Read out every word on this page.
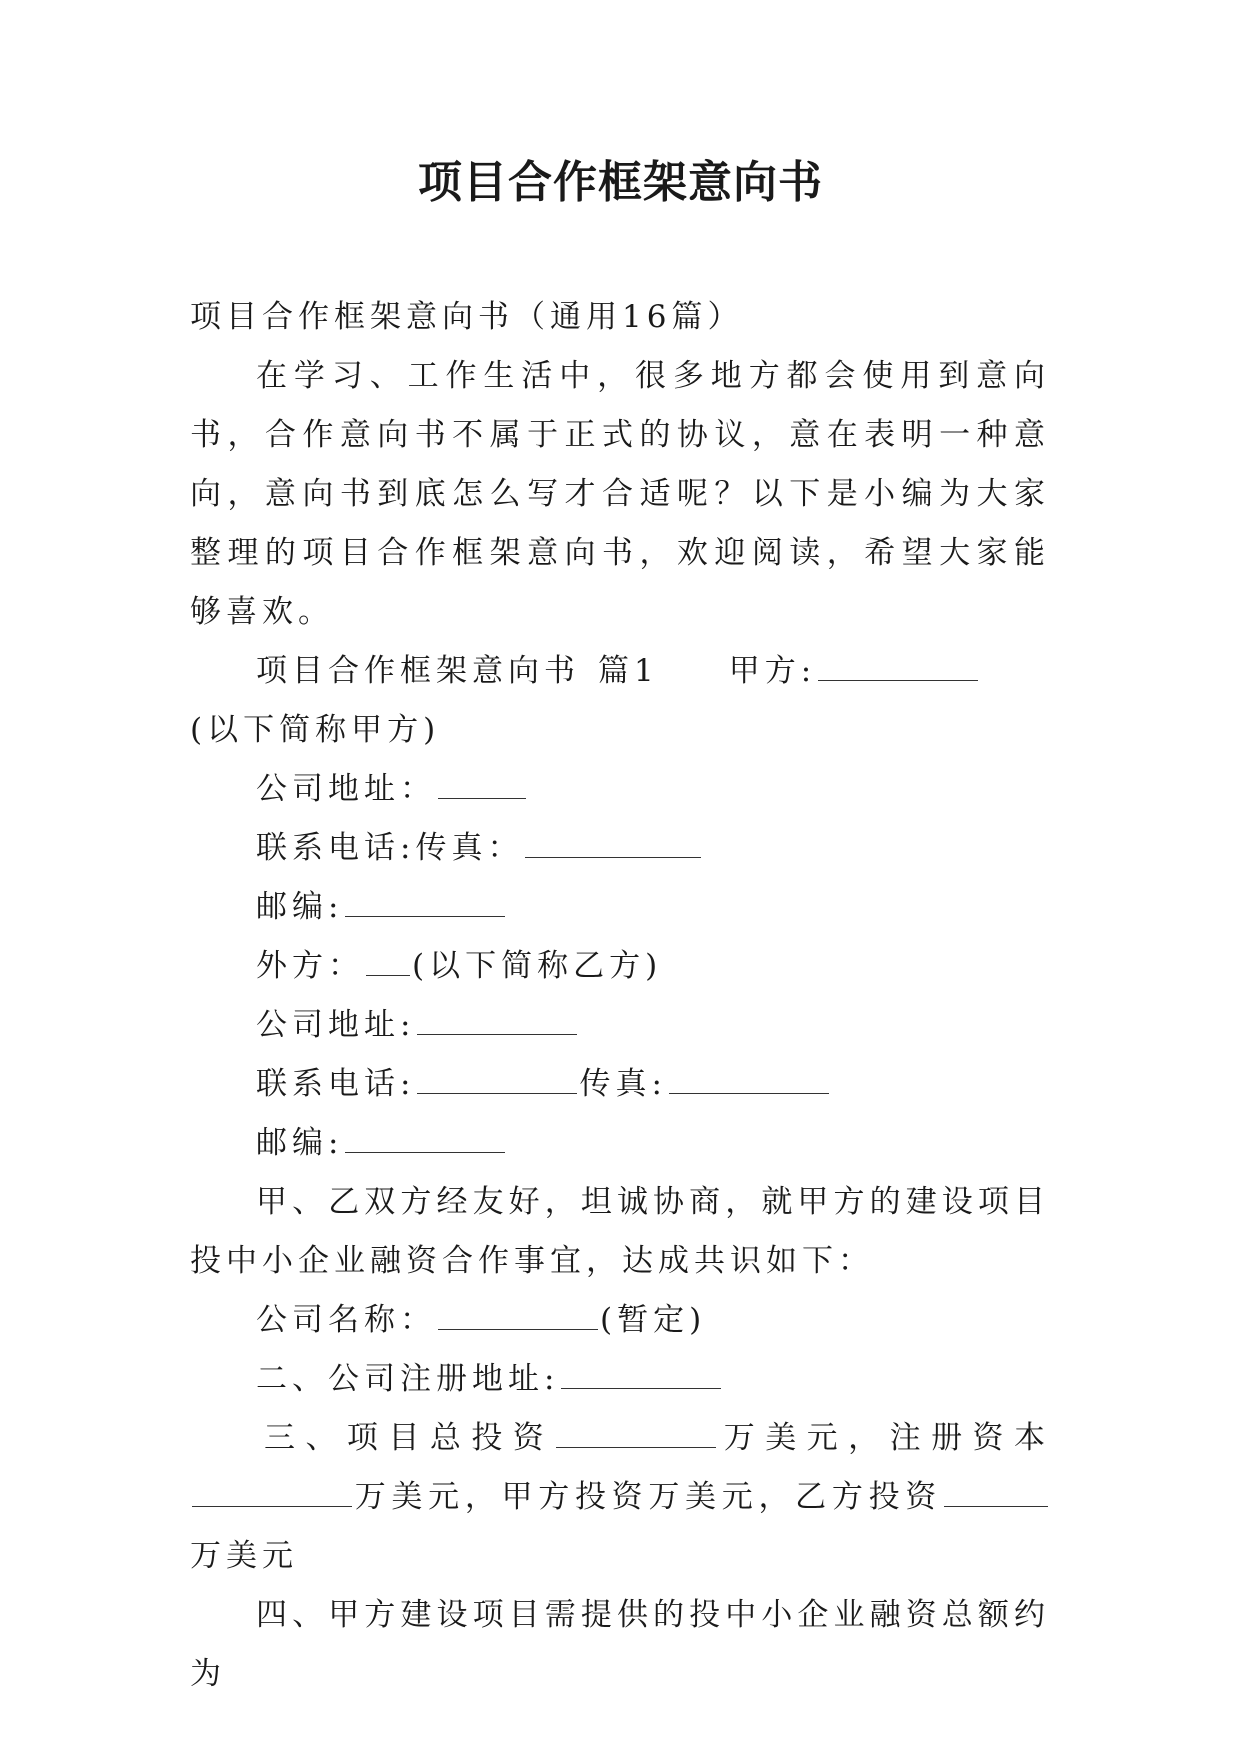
项目合作框架意向书

项目合作框架意向书（通用16篇）

在学习、工作生活中，很多地方都会使用到意向书，合作意向书不属于正式的协议，意在表明一种意向，意向书到底怎么写才合适呢？以下是小编为大家整理的项目合作框架意向书，欢迎阅读，希望大家能够喜欢。

项目合作框架意向书 篇1 甲方:(以下简称甲方)

公司地址：

联系电话:传真：

邮编:

外方： (以下简称乙方)

公司地址:

联系电话:	传真:

邮编:

甲、乙双方经友好，坦诚协商，就甲方的建设项目投中小企业融资合作事宜，达成共识如下：

公司名称：	(暂定)

二、公司注册地址:

三、项目总投资	万美元，注册资本 万美元，甲方投资万美元，乙方投资万美元

四、甲方建设项目需提供的投中小企业融资总额约为
